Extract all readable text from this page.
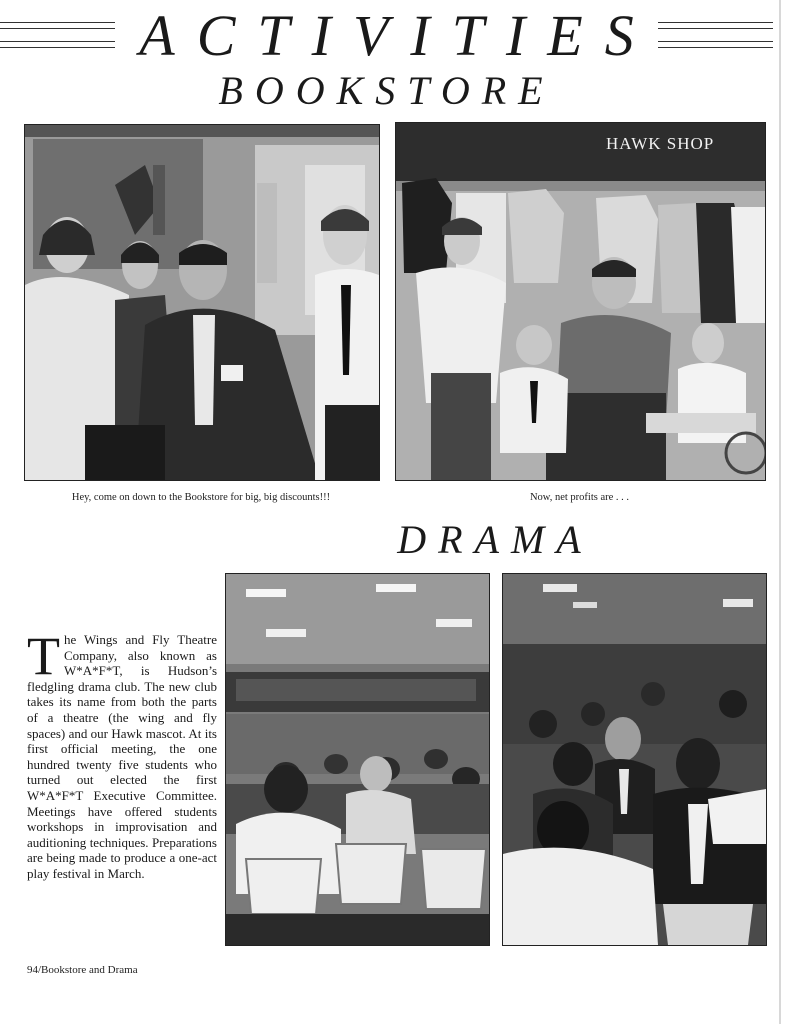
ACTIVITIES
BOOKSTORE
Hey, come on down to the Bookstore for big, big discounts!!!
HAWK SHOP
Now, net profits are . . .
DRAMA
The Wings and Fly Theatre Company, also known as W*A*F*T, is Hudson’s fledgling drama club. The new club takes its name from both the parts of a theatre (the wing and fly spaces) and our Hawk mascot. At its first official meeting, the one hundred twenty five students who turned out elected the first W*A*F*T Executive Committee. Meetings have offered students workshops in improvisation and auditioning techniques. Preparations are being made to produce a one-act play festival in March.
94/Bookstore and Drama
